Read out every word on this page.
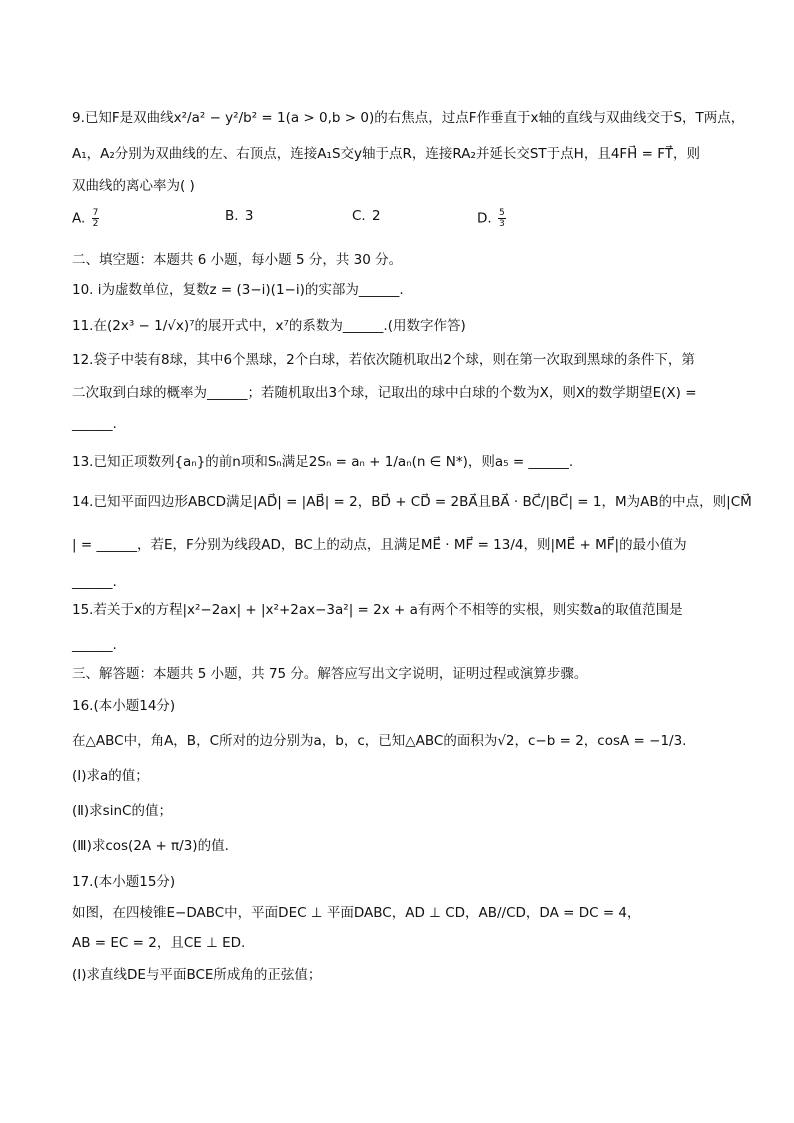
9.已知F是双曲线x²/a² − y²/b² = 1(a > 0,b > 0)的右焦点，过点F作垂直于x轴的直线与双曲线交于S，T两点，
A₁，A₂分别为双曲线的左、右顶点，连接A₁S交y轴于点R，连接RA₂并延长交ST于点H，且4FH⃗ = FT⃗，则
双曲线的离心率为( )
A. $\frac{7}{2}$	B. 3	C. 2	D. $\frac{5}{3}$
二、填空题：本题共 6 小题，每小题 5 分，共 30 分。
10. i为虚数单位，复数z = (3−i)(1−i)的实部为______.
11.在(2x³ − 1/√x)⁷的展开式中，x⁷的系数为______.(用数字作答)
12.袋子中装有8球，其中6个黑球，2个白球，若依次随机取出2个球，则在第一次取到黑球的条件下，第
二次取到白球的概率为______；若随机取出3个球，记取出的球中白球的个数为X，则X的数学期望E(X) =
______.
13.已知正项数列{aₙ}的前n项和Sₙ满足2Sₙ = aₙ + 1/aₙ(n ∈ N*)，则a₅ = ______.
14.已知平面四边形ABCD满足|AD⃗| = |AB⃗| = 2，BD⃗ + CD⃗ = 2BA⃗且BA⃗ · BC⃗/|BC⃗| = 1，M为AB的中点，则|CM⃗
| = ______，若E，F分别为线段AD，BC上的动点，且满足ME⃗ · MF⃗ = 13/4，则|ME⃗ + MF⃗|的最小值为
______.
15.若关于x的方程|x²−2ax| + |x²+2ax−3a²| = 2x + a有两个不相等的实根，则实数a的取值范围是
______.
三、解答题：本题共 5 小题，共 75 分。解答应写出文字说明，证明过程或演算步骤。
16.(本小题14分)
在△ABC中，角A，B，C所对的边分别为a，b，c，已知△ABC的面积为√2，c−b = 2，cosA = −1/3.
(Ⅰ)求a的值；
(Ⅱ)求sinC的值；
(Ⅲ)求cos(2A + π/3)的值.
17.(本小题15分)
如图，在四棱锥E−DABC中，平面DEC ⊥ 平面DABC，AD ⊥ CD，AB//CD，DA = DC = 4，
AB = EC = 2，且CE ⊥ ED.
(Ⅰ)求直线DE与平面BCE所成角的正弦值；
